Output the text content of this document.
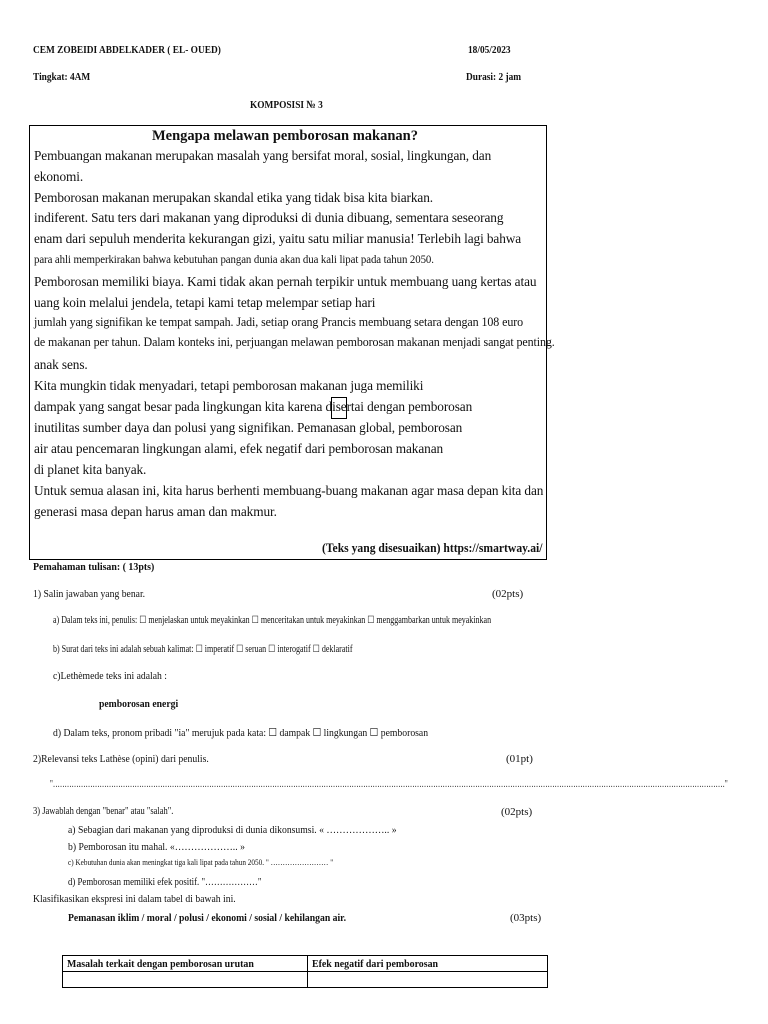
CEM ZOBEIDI ABDELKADER ( EL- OUED)	18/05/2023
Tingkat: 4AM	Durasi: 2 jam
KOMPOSISI № 3
Mengapa melawan pemborosan makanan?
Pembuangan makanan merupakan masalah yang bersifat moral, sosial, lingkungan, dan
ekonomi.
Pemborosan makanan merupakan skandal etika yang tidak bisa kita biarkan.
indiferent. Satu ters dari makanan yang diproduksi di dunia dibuang, sementara seseorang
enam dari sepuluh menderita kekurangan gizi, yaitu satu miliar manusia! Terlebih lagi bahwa
para ahli memperkirakan bahwa kebutuhan pangan dunia akan dua kali lipat pada tahun 2050.
Pemborosan memiliki biaya. Kami tidak akan pernah terpikir untuk membuang uang kertas atau
uang koin melalui jendela, tetapi kami tetap melempar setiap hari
jumlah yang signifikan ke tempat sampah. Jadi, setiap orang Prancis membuang setara dengan 108 euro
de makanan per tahun. Dalam konteks ini, perjuangan melawan pemborosan makanan menjadi sangat penting.
anak sens.
Kita mungkin tidak menyadari, tetapi pemborosan makanan juga memiliki
dampak yang sangat besar pada lingkungan kita karena disertai dengan pemborosan
inutilitas sumber daya dan polusi yang signifikan. Pemanasan global, pemborosan
air atau pencemaran lingkungan alami, efek negatif dari pemborosan makanan
di planet kita banyak.
Untuk semua alasan ini, kita harus berhenti membuang-buang makanan agar masa depan kita dan
generasi masa depan harus aman dan makmur.
(Teks yang disesuaikan) https://smartway.ai/
Pemahaman tulisan: ( 13pts)
1) Salin jawaban yang benar.	(02pts)
a) Dalam teks ini, penulis: ☐ menjelaskan untuk meyakinkan ☐ menceritakan untuk meyakinkan ☐ menggambarkan untuk meyakinkan
b) Surat dari teks ini adalah sebuah kalimat: ☐ imperatif ☐ seruan ☐ interogatif ☐ deklaratif
c)Lethèmede teks ini adalah :
pemborosan energi
d) Dalam teks, pronom pribadi "ia" merujuk pada kata: ☐ dampak ☐ lingkungan ☐ pemborosan
2)Relevansi teks Lathèse (opini) dari penulis.	(01pt)
"………………………………………………………………………………………………………………………………………………………………………………………………………………………………………………………………"
3) Jawablah dengan "benar" atau "salah".	(02pts)
a) Sebagian dari makanan yang diproduksi di dunia dikonsumsi. « ……………….. »
b) Pemborosan itu mahal. «……………….. »
c) Kebutuhan dunia akan meningkat tiga kali lipat pada tahun 2050. " …………………… "
d) Pemborosan memiliki efek positif. "………………"
Klasifikasikan ekspresi ini dalam tabel di bawah ini.
Pemanasan iklim / moral / polusi / ekonomi / sosial / kehilangan air.	(03pts)
Masalah terkait dengan pemborosan urutan	Efek negatif dari pemborosan
